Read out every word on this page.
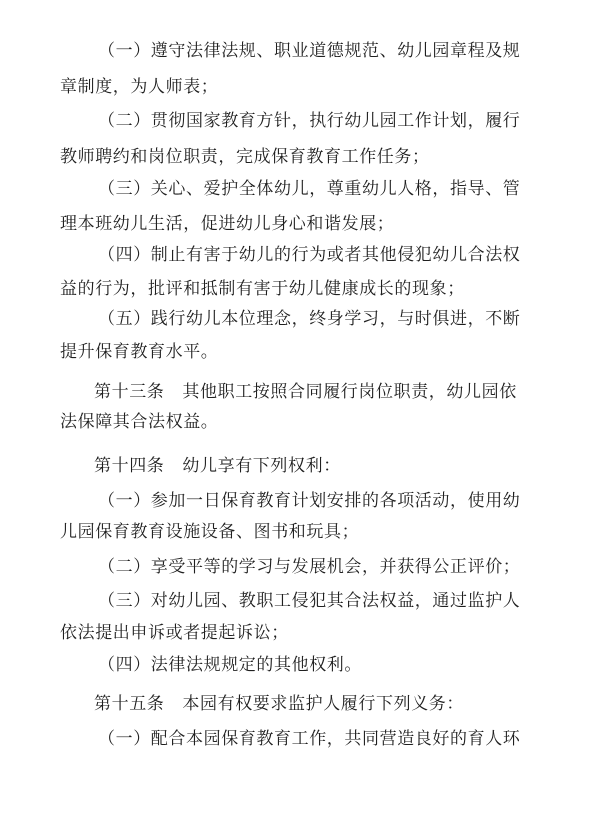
（一）遵守法律法规、职业道德规范、幼儿园章程及规
章制度，为人师表；
（二）贯彻国家教育方针，执行幼儿园工作计划，履行
教师聘约和岗位职责，完成保育教育工作任务；
（三）关心、爱护全体幼儿，尊重幼儿人格，指导、管
理本班幼儿生活，促进幼儿身心和谐发展；
（四）制止有害于幼儿的行为或者其他侵犯幼儿合法权
益的行为，批评和抵制有害于幼儿健康成长的现象；
（五）践行幼儿本位理念，终身学习，与时俱进，不断
提升保育教育水平。
第十三条 其他职工按照合同履行岗位职责，幼儿园依
法保障其合法权益。
第十四条 幼儿享有下列权利：
（一）参加一日保育教育计划安排的各项活动，使用幼
儿园保育教育设施设备、图书和玩具；
（二）享受平等的学习与发展机会，并获得公正评价；
（三）对幼儿园、教职工侵犯其合法权益，通过监护人
依法提出申诉或者提起诉讼；
（四）法律法规规定的其他权利。
第十五条 本园有权要求监护人履行下列义务：
（一）配合本园保育教育工作，共同营造良好的育人环
